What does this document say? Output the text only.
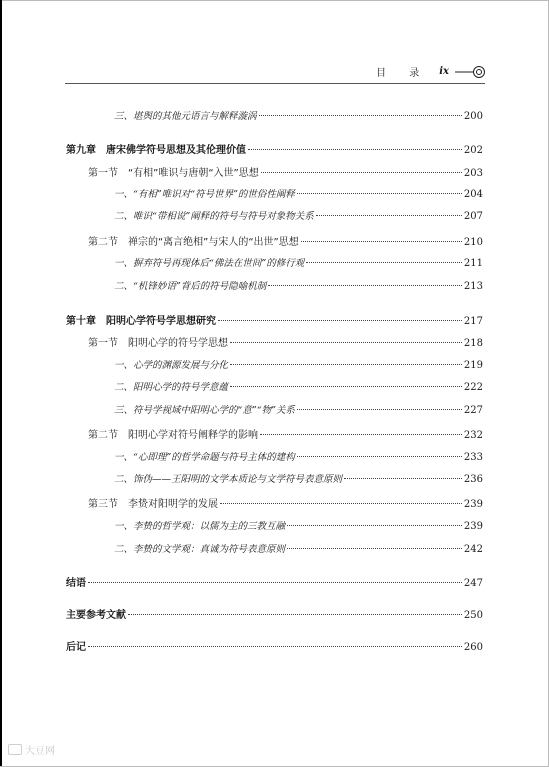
目 录 ix
三、堪舆的其他元语言与解释漩涡	200
第九章　唐宋佛学符号思想及其伦理价值	202
第一节　“有相”唯识与唐朝“入世”思想	203
一、“有相”唯识对“符号世界”的世俗性阐释	204
二、唯识“带相说”阐释的符号与符号对象物关系	207
第二节　禅宗的“离言绝相”与宋人的“出世”思想	210
一、摒弃符号再现体后“佛法在世间”的修行观	211
二、“机锋妙语”背后的符号隐喻机制	213
第十章　阳明心学符号学思想研究	217
第一节　阳明心学的符号学思想	218
一、心学的渊源发展与分化	219
二、阳明心学的符号学意蕴	222
三、符号学视域中阳明心学的“意”“物”关系	227
第二节　阳明心学对符号阐释学的影响	232
一、“心即理”的哲学命题与符号主体的建构	233
二、饰伪——王阳明的文学本质论与文学符号表意原则	236
第三节　李贽对阳明学的发展	239
一、李贽的哲学观：以儒为主的三教互融	239
二、李贽的文学观：真诚为符号表意原则	242
结语	247
主要参考文献	250
后记	260
大豆网
